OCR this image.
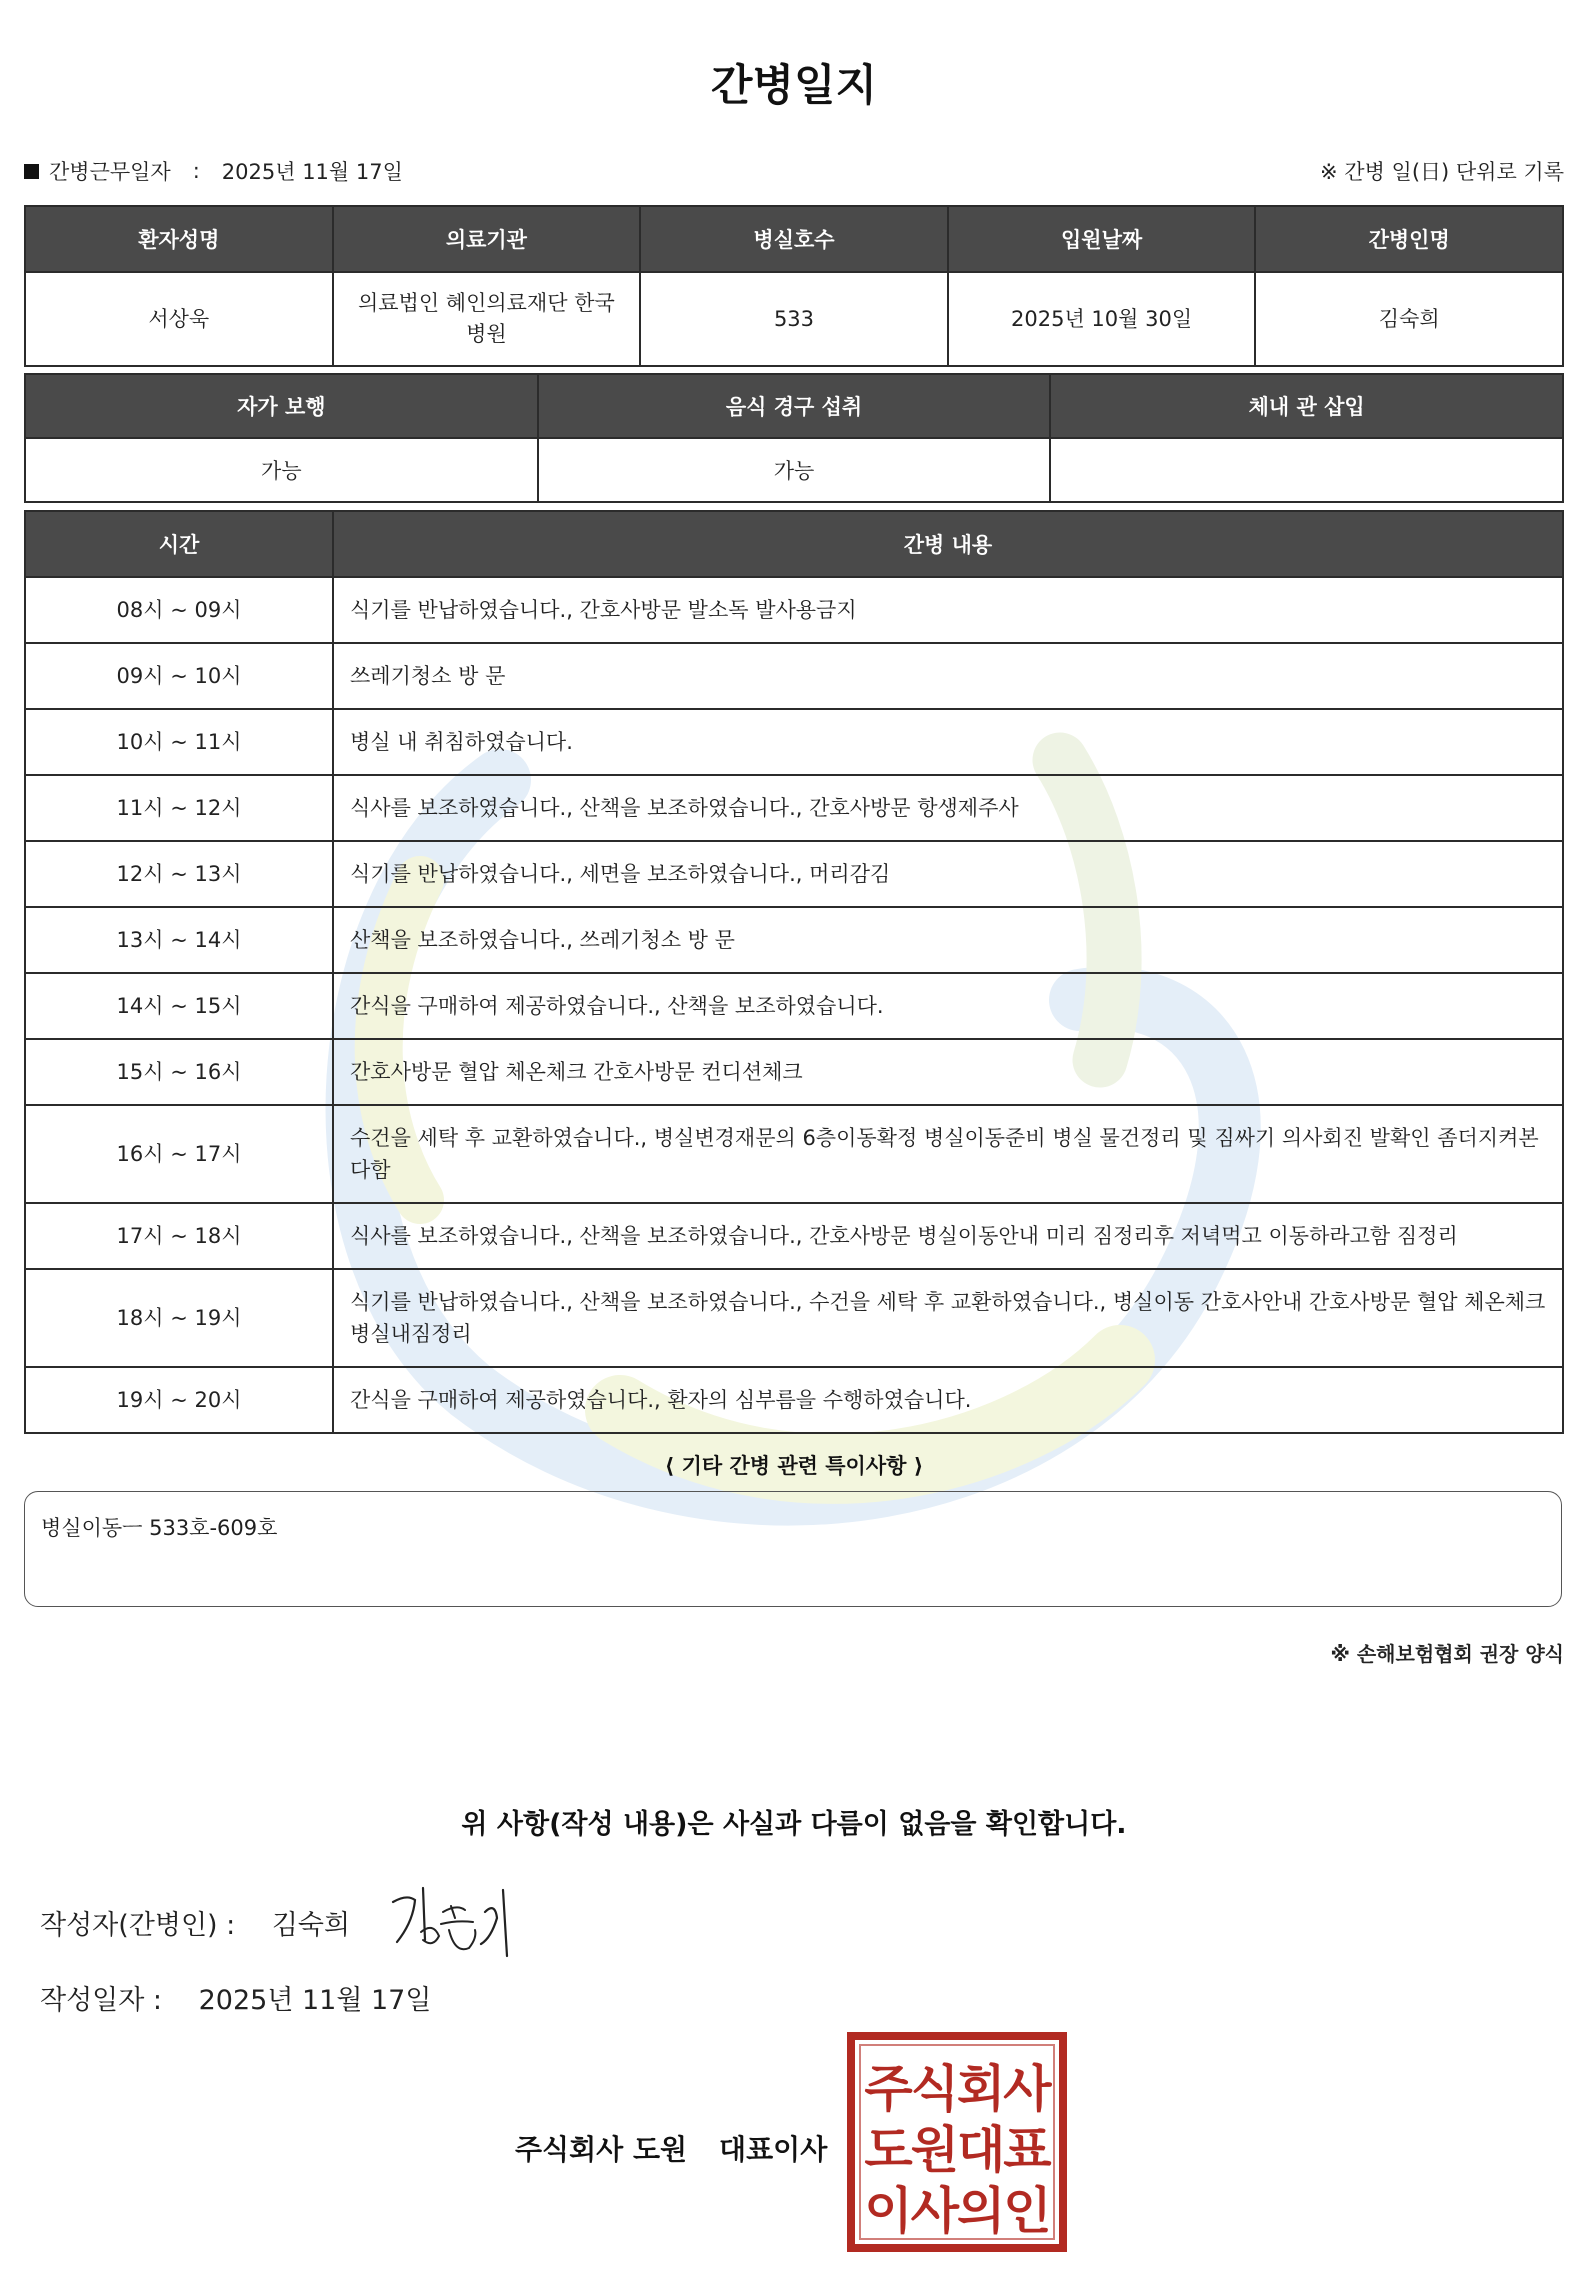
간병일지
간병근무일자 : 2025년 11월 17일	※ 간병 일(日) 단위로 기록
환자성명	의료기관	병실호수	입원날짜	간병인명
서상욱	의료법인 혜인의료재단 한국병원	533	2025년 10월 30일	김숙희
자가 보행	음식 경구 섭취	체내 관 삽입
가능	가능	
시간	간병 내용
08시 ~ 09시	식기를 반납하였습니다., 간호사방문 발소독 발사용금지
09시 ~ 10시	쓰레기청소 방 문
10시 ~ 11시	병실 내 취침하였습니다.
11시 ~ 12시	식사를 보조하였습니다., 산책을 보조하였습니다., 간호사방문 항생제주사
12시 ~ 13시	식기를 반납하였습니다., 세면을 보조하였습니다., 머리감김
13시 ~ 14시	산책을 보조하였습니다., 쓰레기청소 방 문
14시 ~ 15시	간식을 구매하여 제공하였습니다., 산책을 보조하였습니다.
15시 ~ 16시	간호사방문 혈압 체온체크 간호사방문 컨디션체크
16시 ~ 17시	수건을 세탁 후 교환하였습니다., 병실변경재문의 6층이동확정 병실이동준비 병실 물건정리 및 짐싸기 의사회진 발확인 좀더지켜본다함
17시 ~ 18시	식사를 보조하였습니다., 산책을 보조하였습니다., 간호사방문 병실이동안내 미리 짐정리후 저녁먹고 이동하라고함 짐정리
18시 ~ 19시	식기를 반납하였습니다., 산책을 보조하였습니다., 수건을 세탁 후 교환하였습니다., 병실이동 간호사안내 간호사방문 혈압 체온체크 병실내짐정리
19시 ~ 20시	간식을 구매하여 제공하였습니다., 환자의 심부름을 수행하였습니다.
⟨ 기타 간병 관련 특이사항 ⟩
병실이동ㅡ 533호-609호
※ 손해보험협회 권장 양식
위 사항(작성 내용)은 사실과 다름이 없음을 확인합니다.
작성자(간병인) : 김숙희
작성일자 : 2025년 11월 17일
주식회사 도원 대표이사
주식회사
도원대표
이사의인
